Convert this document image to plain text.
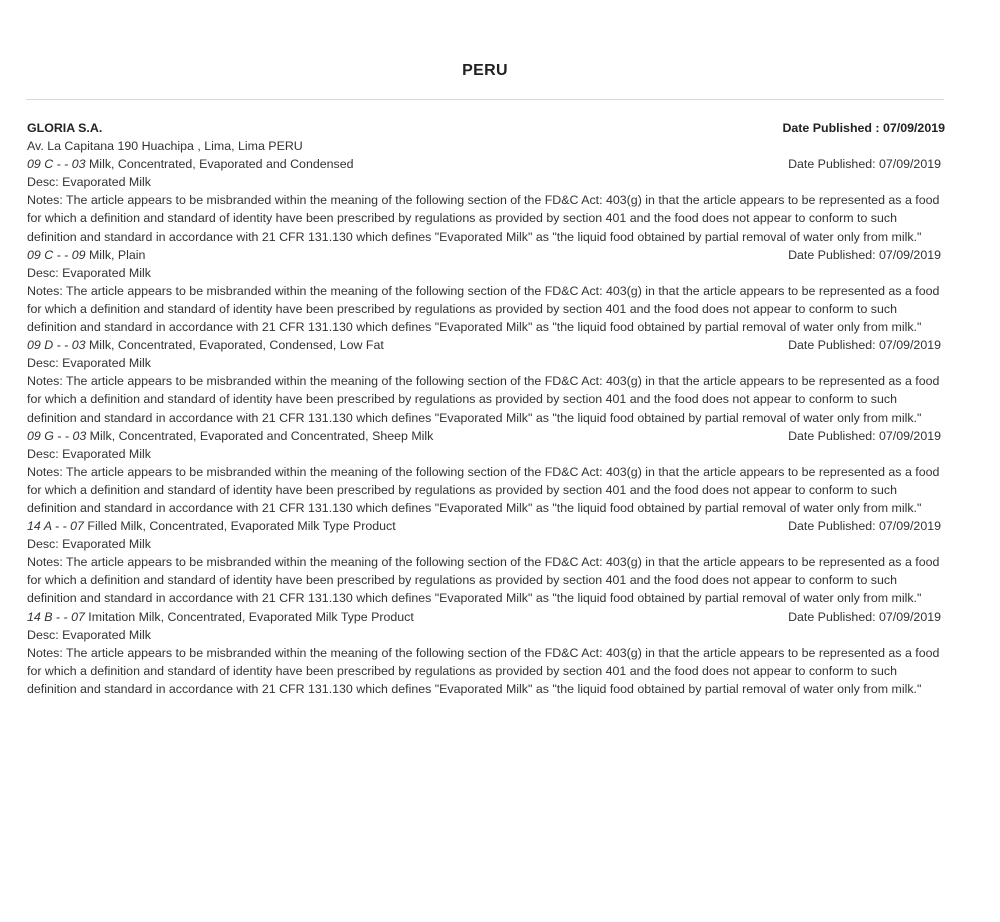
PERU
GLORIA S.A.	Date Published : 07/09/2019
Av. La Capitana 190 Huachipa , Lima, Lima PERU
09 C - - 03 Milk, Concentrated, Evaporated and Condensed	Date Published: 07/09/2019
Desc: Evaporated Milk
Notes: The article appears to be misbranded within the meaning of the following section of the FD&C Act: 403(g) in that the article appears to be represented as a food for which a definition and standard of identity have been prescribed by regulations as provided by section 401 and the food does not appear to conform to such definition and standard in accordance with 21 CFR 131.130 which defines "Evaporated Milk" as "the liquid food obtained by partial removal of water only from milk."
09 C - - 09 Milk, Plain	Date Published: 07/09/2019
Desc: Evaporated Milk
Notes: The article appears to be misbranded within the meaning of the following section of the FD&C Act: 403(g) in that the article appears to be represented as a food for which a definition and standard of identity have been prescribed by regulations as provided by section 401 and the food does not appear to conform to such definition and standard in accordance with 21 CFR 131.130 which defines "Evaporated Milk" as "the liquid food obtained by partial removal of water only from milk."
09 D - - 03 Milk, Concentrated, Evaporated, Condensed, Low Fat	Date Published: 07/09/2019
Desc: Evaporated Milk
Notes: The article appears to be misbranded within the meaning of the following section of the FD&C Act: 403(g) in that the article appears to be represented as a food for which a definition and standard of identity have been prescribed by regulations as provided by section 401 and the food does not appear to conform to such definition and standard in accordance with 21 CFR 131.130 which defines "Evaporated Milk" as "the liquid food obtained by partial removal of water only from milk."
09 G - - 03 Milk, Concentrated, Evaporated and Concentrated, Sheep Milk	Date Published: 07/09/2019
Desc: Evaporated Milk
Notes: The article appears to be misbranded within the meaning of the following section of the FD&C Act: 403(g) in that the article appears to be represented as a food for which a definition and standard of identity have been prescribed by regulations as provided by section 401 and the food does not appear to conform to such definition and standard in accordance with 21 CFR 131.130 which defines "Evaporated Milk" as "the liquid food obtained by partial removal of water only from milk."
14 A - - 07 Filled Milk, Concentrated, Evaporated Milk Type Product	Date Published: 07/09/2019
Desc: Evaporated Milk
Notes: The article appears to be misbranded within the meaning of the following section of the FD&C Act: 403(g) in that the article appears to be represented as a food for which a definition and standard of identity have been prescribed by regulations as provided by section 401 and the food does not appear to conform to such definition and standard in accordance with 21 CFR 131.130 which defines "Evaporated Milk" as "the liquid food obtained by partial removal of water only from milk."
14 B - - 07 Imitation Milk, Concentrated, Evaporated Milk Type Product	Date Published: 07/09/2019
Desc: Evaporated Milk
Notes: The article appears to be misbranded within the meaning of the following section of the FD&C Act: 403(g) in that the article appears to be represented as a food for which a definition and standard of identity have been prescribed by regulations as provided by section 401 and the food does not appear to conform to such definition and standard in accordance with 21 CFR 131.130 which defines "Evaporated Milk" as "the liquid food obtained by partial removal of water only from milk."
